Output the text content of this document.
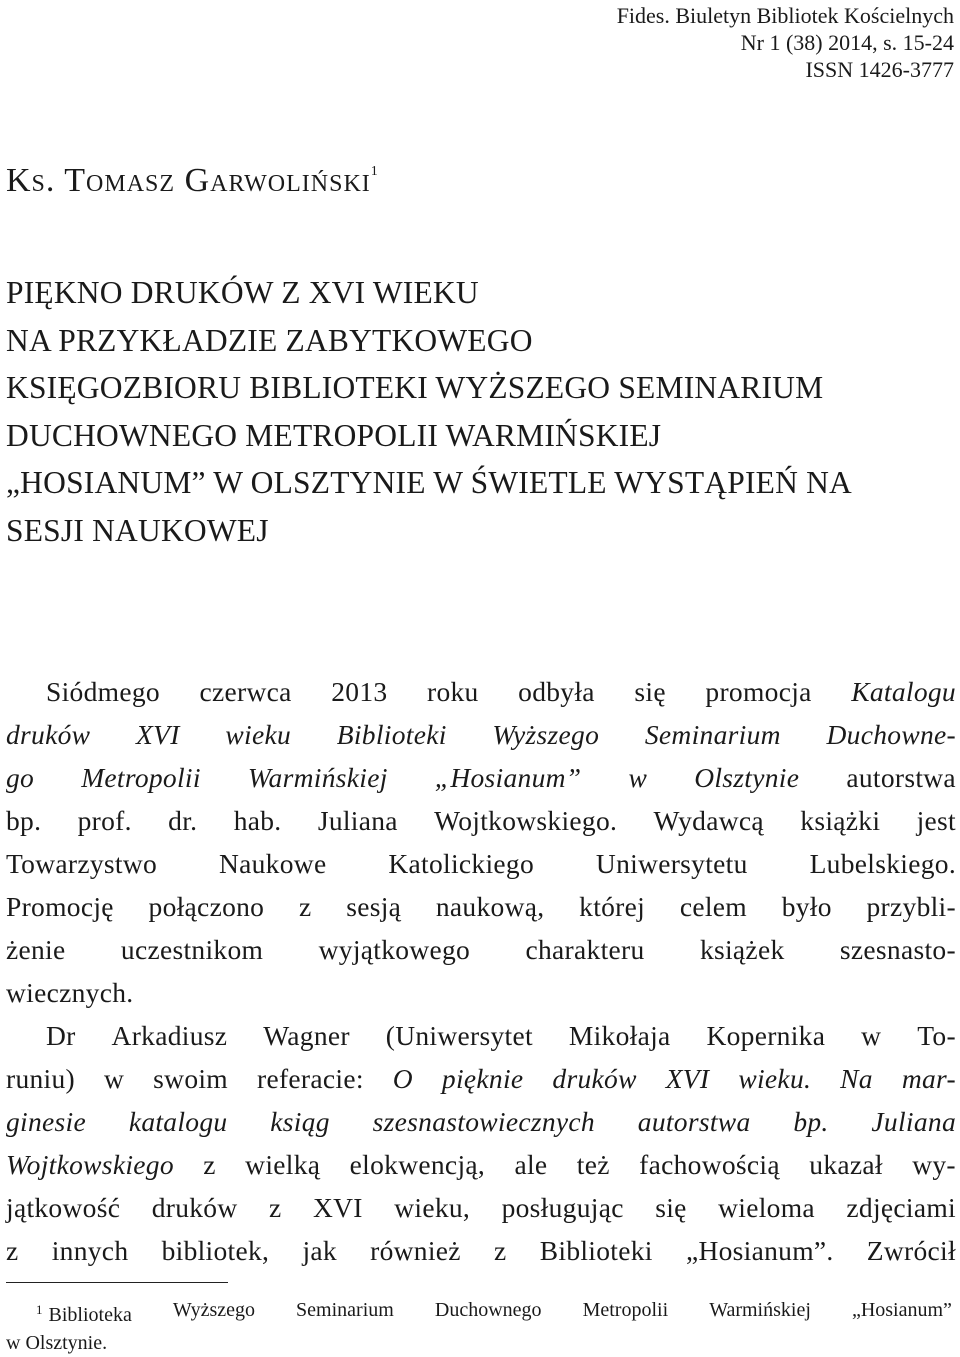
Fides. Biuletyn Bibliotek Kościelnych
Nr 1 (38) 2014, s. 15-24
ISSN 1426-3777
Ks. Tomasz Garwoliński$^1$
PIĘKNO DRUKÓW Z XVI WIEKU
NA PRZYKŁADZIE ZABYTKOWEGO
KSIĘGOZBIORU BIBLIOTEKI WYŻSZEGO SEMINARIUM
DUCHOWNEGO METROPOLII WARMIŃSKIEJ
„HOSIANUM” W OLSZTYNIE W ŚWIETLE WYSTĄPIEŃ NA
SESJI NAUKOWEJ
Siódmego czerwca 2013 roku odbyła się promocja Katalogu
druków XVI wieku Biblioteki Wyższego Seminarium Duchowne-
go Metropolii Warmińskiej „Hosianum” w Olsztynie autorstwa
bp. prof. dr. hab. Juliana Wojtkowskiego. Wydawcą książki jest
Towarzystwo Naukowe Katolickiego Uniwersytetu Lubelskiego.
Promocję połączono z sesją naukową, której celem było przybli-
żenie uczestnikom wyjątkowego charakteru książek szesnasto-
wiecznych.
Dr Arkadiusz Wagner (Uniwersytet Mikołaja Kopernika w To-
runiu) w swoim referacie: O pięknie druków XVI wieku. Na mar-
ginesie katalogu ksiąg szesnastowiecznych autorstwa bp. Juliana
Wojtkowskiego z wielką elokwencją, ale też fachowością ukazał wy-
jątkowość druków z XVI wieku, posługując się wieloma zdjęciami
z innych bibliotek, jak również z Biblioteki „Hosianum”. Zwrócił
$^1$ Biblioteka Wyższego Seminarium Duchownego Metropolii Warmińskiej „Hosianum”
w Olsztynie.
